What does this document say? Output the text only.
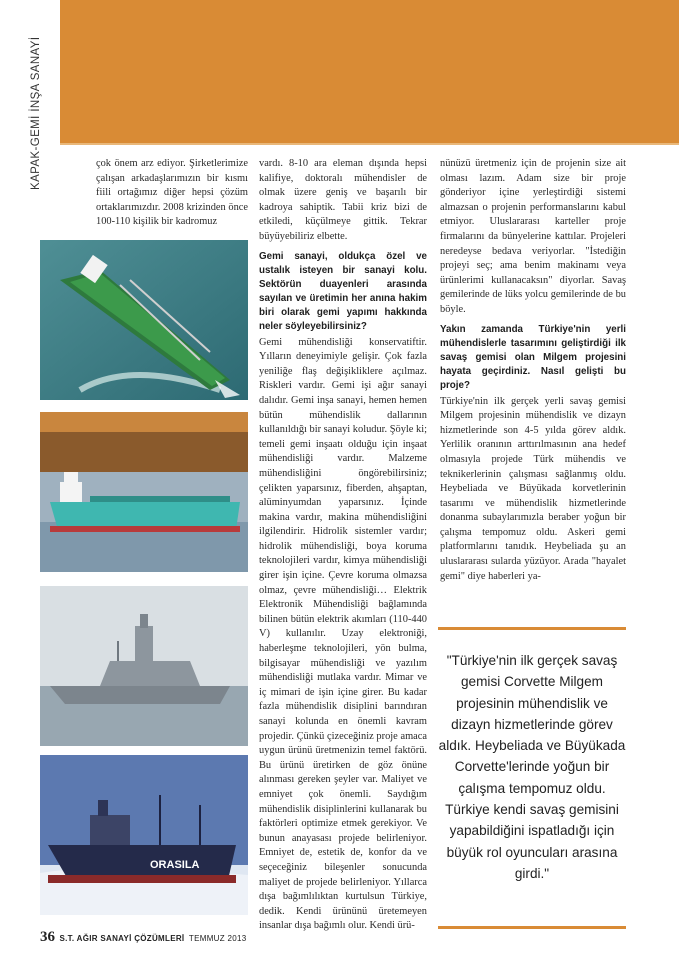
KAPAK-GEMİ İNŞA SANAYİ	çok önem arz ediyor. Şirketlerimize çalışan arkadaşlarımızın bir kısmı fiili ortağımız diğer hepsi çözüm ortaklarımızdır. 2008 krizinden önce 100-110 kişilik bir kadromuz

ORASILA

vardı. 8-10 ara eleman dışında hepsi kalifiye, doktoralı mühendisler de olmak üzere geniş ve başarılı bir kadroya sahiptik. Tabii kriz bizi de etkiledi, küçülmeye gittik. Tekrar büyüyebiliriz elbette.

Gemi sanayi, oldukça özel ve ustalık isteyen bir sanayi kolu. Sektörün duayenleri arasında sayılan ve üretimin her anına hakim biri olarak gemi yapımı hakkında neler söyleyebilirsiniz?

Gemi mühendisliği konservatiftir. Yılların deneyimiyle gelişir. Çok fazla yeniliğe flaş değişikliklere açılmaz. Riskleri vardır. Gemi işi ağır sanayi dalıdır. Gemi inşa sanayi, hemen hemen bütün mühendislik dallarının kullanıldığı bir sanayi koludur. Şöyle ki; temeli gemi inşaatı olduğu için inşaat mühendisliği vardır. Malzeme mühendisliğini öngörebilirsiniz; çelikten yaparsınız, fiberden, ahşaptan, alüminyumdan yaparsınız. İçinde makina vardır, makina mühendisliğini ilgilendirir. Hidrolik sistemler vardır; hidrolik mühendisliği, boya koruma teknolojileri vardır, kimya mühendisliği girer işin içine. Çevre koruma olmazsa olmaz, çevre mühendisliği… Elektrik Elektronik Mühendisliği bağlamında bilinen bütün elektrik akımları (110-440 V) kullanılır. Uzay elektroniği, haberleşme teknolojileri, yön bulma, bilgisayar mühendisliği ve yazılım mühendisliği mutlaka vardır. Mimar ve iç mimari de işin içine girer. Bu kadar fazla mühendislik disiplini barındıran sanayi kolunda en önemli kavram projedir. Çünkü çizeceğiniz proje amaca uygun ürünü üretmenizin temel faktörü. Bu ürünü üretirken de göz önüne alınması gereken şeyler var. Maliyet ve emniyet çok önemli. Saydığım mühendislik disiplinlerini kullanarak bu faktörleri optimize etmek gerekiyor. Ve bunun anayasası projede belirleniyor. Emniyet de, estetik de, konfor da ve seçeceğiniz bileşenler sonucunda maliyet de projede belirleniyor. Yıllarca dışa bağımlılıktan kurtulsun Türkiye, dedik. Kendi ürününü üretemeyen insanlar dışa bağımlı olur. Kendi ürü-

nünüzü üretmeniz için de projenin size ait olması lazım. Adam size bir proje gönderiyor içine yerleştirdiği sistemi almazsan o projenin performanslarını kabul etmiyor. Uluslararası karteller proje firmalarını da bünyelerine kattılar. Projeleri neredeyse bedava veriyorlar. "İstediğin projeyi seç; ama benim makinamı veya ürünlerimi kullanacaksın" diyorlar. Savaş gemilerinde de lüks yolcu gemilerinde de bu böyle.

Yakın zamanda Türkiye'nin yerli mühendislerle tasarımını geliştirdiği ilk savaş gemisi olan Milgem projesini hayata geçirdiniz. Nasıl gelişti bu proje?

Türkiye'nin ilk gerçek yerli savaş gemisi Milgem projesinin mühendislik ve dizayn hizmetlerinde son 4-5 yılda görev aldık. Yerlilik oranının arttırılmasının ana hedef olmasıyla projede Türk mühendis ve teknikerlerinin çalışması sağlanmış oldu. Heybeliada ve Büyükada korvetlerinin tasarımı ve mühendislik hizmetlerinde donanma subaylarımızla beraber yoğun bir çalışma tempomuz oldu. Askeri gemi platformlarını tanıdık. Heybeliada şu an uluslararası sularda yüzüyor. Arada "hayalet gemi" diye haberleri ya-

"Türkiye'nin ilk gerçek savaş gemisi Corvette Milgem projesinin mühendislik ve dizayn hizmetlerinde görev aldık. Heybeliada ve Büyükada Corvette'lerinde yoğun bir çalışma tempomuz oldu. Türkiye kendi savaş gemisini yapabildiğini ispatladığı için büyük rol oyuncuları arasına girdi."
36 S.T. AĞIR SANAYİ ÇÖZÜMLERİ TEMMUZ 2013
